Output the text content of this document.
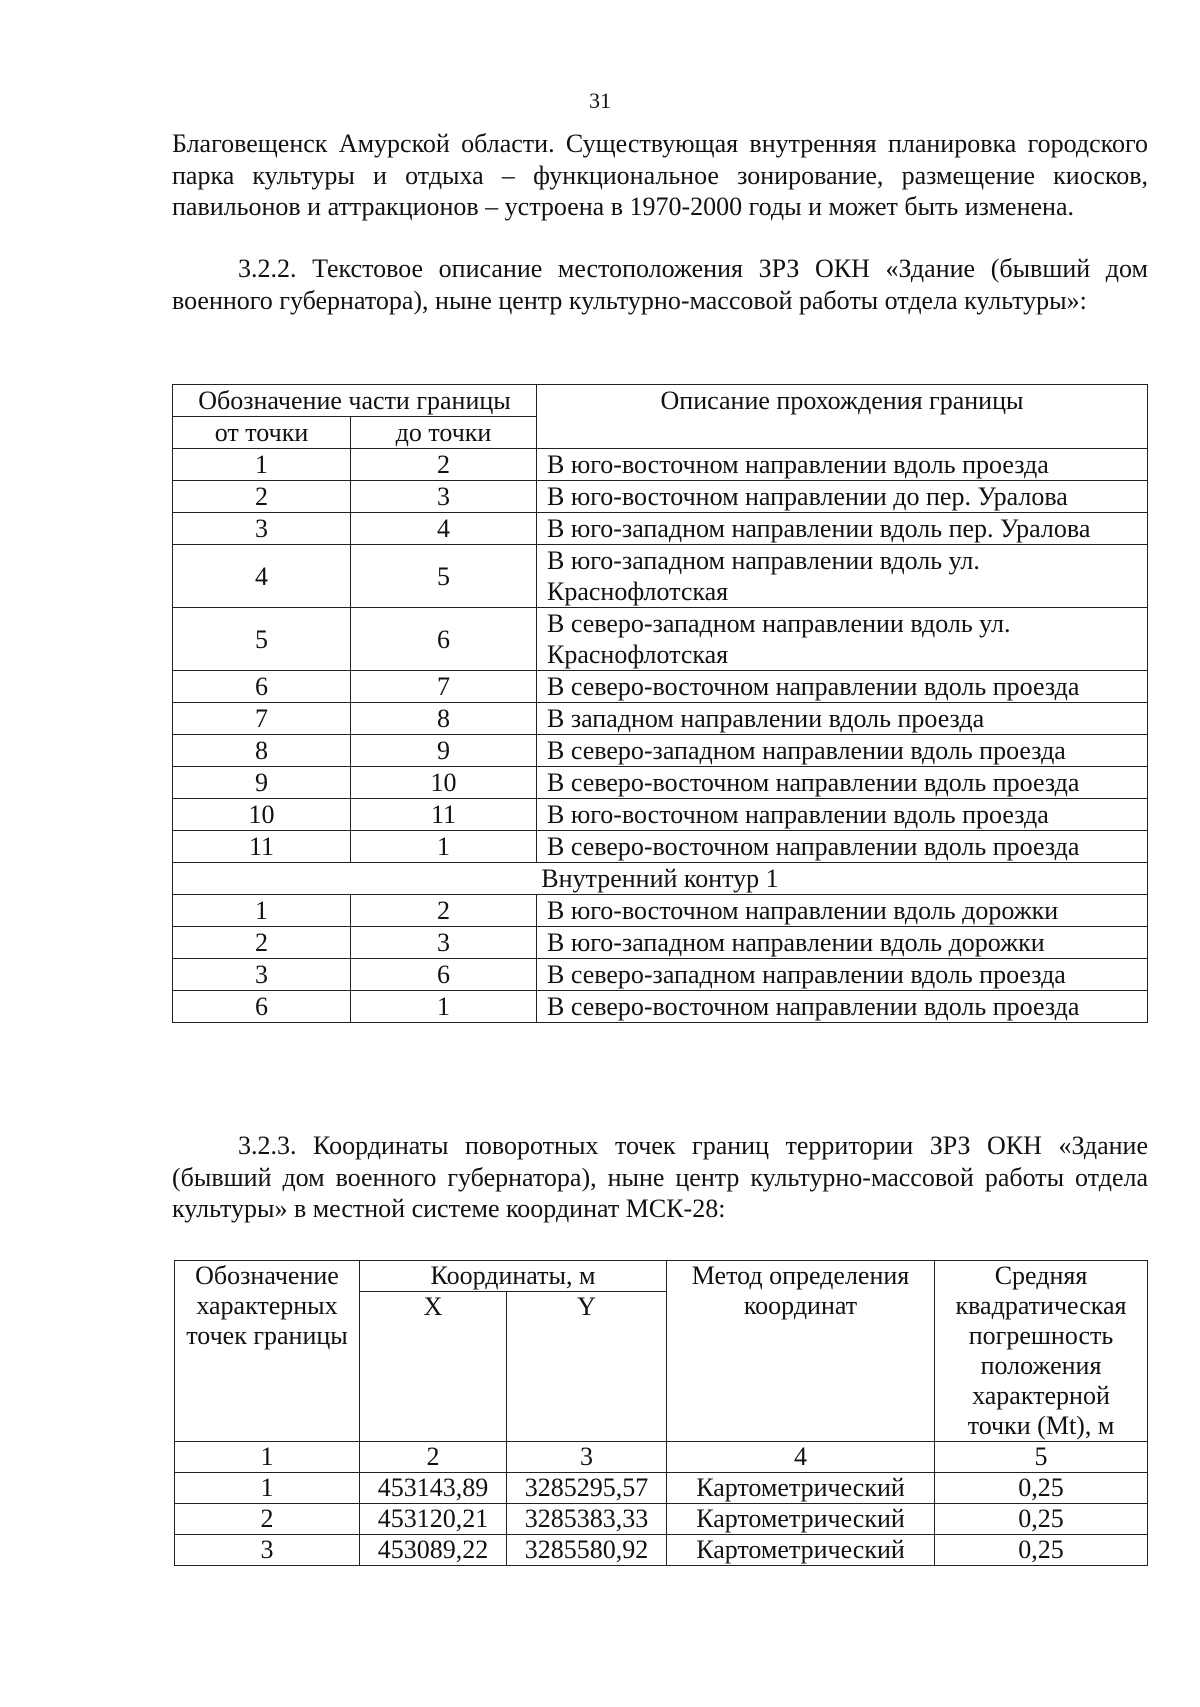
31
Благовещенск Амурской области. Существующая внутренняя планировка городского парка культуры и отдыха – функциональное зонирование, размещение киосков, павильонов и аттракционов – устроена в 1970-2000 годы и может быть изменена.
3.2.2. Текстовое описание местоположения ЗРЗ ОКН «Здание (бывший дом военного губернатора), ныне центр культурно-массовой работы отдела культуры»:
Обозначение части границы		Описание прохождения границы
от точки	до точки	
1	2	В юго-восточном направлении вдоль проезда
2	3	В юго-восточном направлении до пер. Уралова
3	4	В юго-западном направлении вдоль пер. Уралова
4	5	В юго-западном направлении вдоль ул. Краснофлотская
5	6	В северо-западном направлении вдоль ул. Краснофлотская
6	7	В северо-восточном направлении вдоль проезда
7	8	В западном направлении вдоль проезда
8	9	В северо-западном направлении вдоль проезда
9	10	В северо-восточном направлении вдоль проезда
10	11	В юго-восточном направлении вдоль проезда
11	1	В северо-восточном направлении вдоль проезда
Внутренний контур 1		
1	2	В юго-восточном направлении вдоль дорожки
2	3	В юго-западном направлении вдоль дорожки
3	6	В северо-западном направлении вдоль проезда
6	1	В северо-восточном направлении вдоль проезда
3.2.3. Координаты поворотных точек границ территории ЗРЗ ОКН «Здание (бывший дом военного губернатора), ныне центр культурно-массовой работы отдела культуры» в местной системе координат МСК-28:
Обозначение характерных точек границы	Координаты, м		Метод определения координат	Средняя квадратическая погрешность положения характерной точки (Mt), м
	X	Y		
1	2	3	4	5
1	453143,89	3285295,57	Картометрический	0,25
2	453120,21	3285383,33	Картометрический	0,25
3	453089,22	3285580,92	Картометрический	0,25
